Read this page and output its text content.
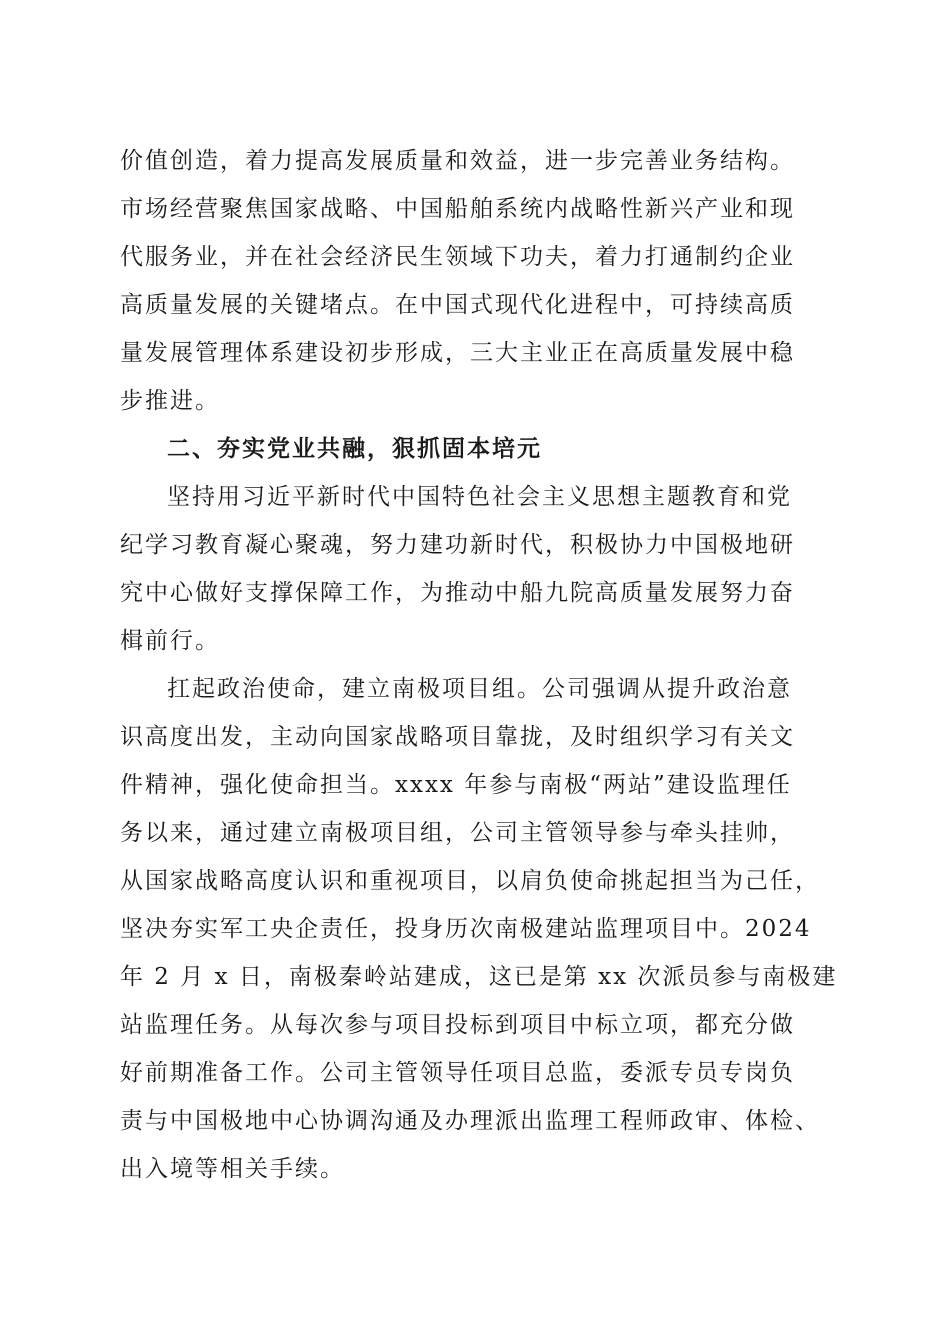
价值创造，着力提高发展质量和效益，进一步完善业务结构。
市场经营聚焦国家战略、中国船舶系统内战略性新兴产业和现
代服务业，并在社会经济民生领域下功夫，着力打通制约企业
高质量发展的关键堵点。在中国式现代化进程中，可持续高质
量发展管理体系建设初步形成，三大主业正在高质量发展中稳
步推进。
二、夯实党业共融，狠抓固本培元
坚持用习近平新时代中国特色社会主义思想主题教育和党
纪学习教育凝心聚魂，努力建功新时代，积极协力中国极地研
究中心做好支撑保障工作，为推动中船九院高质量发展努力奋
楫前行。
扛起政治使命，建立南极项目组。公司强调从提升政治意
识高度出发，主动向国家战略项目靠拢，及时组织学习有关文
件精神，强化使命担当。xxxx 年参与南极“两站”建设监理任
务以来，通过建立南极项目组，公司主管领导参与牵头挂帅，
从国家战略高度认识和重视项目，以肩负使命挑起担当为己任，
坚决夯实军工央企责任，投身历次南极建站监理项目中。2024
年 2 月 x 日，南极秦岭站建成，这已是第 xx 次派员参与南极建
站监理任务。从每次参与项目投标到项目中标立项，都充分做
好前期准备工作。公司主管领导任项目总监，委派专员专岗负
责与中国极地中心协调沟通及办理派出监理工程师政审、体检、
出入境等相关手续。
